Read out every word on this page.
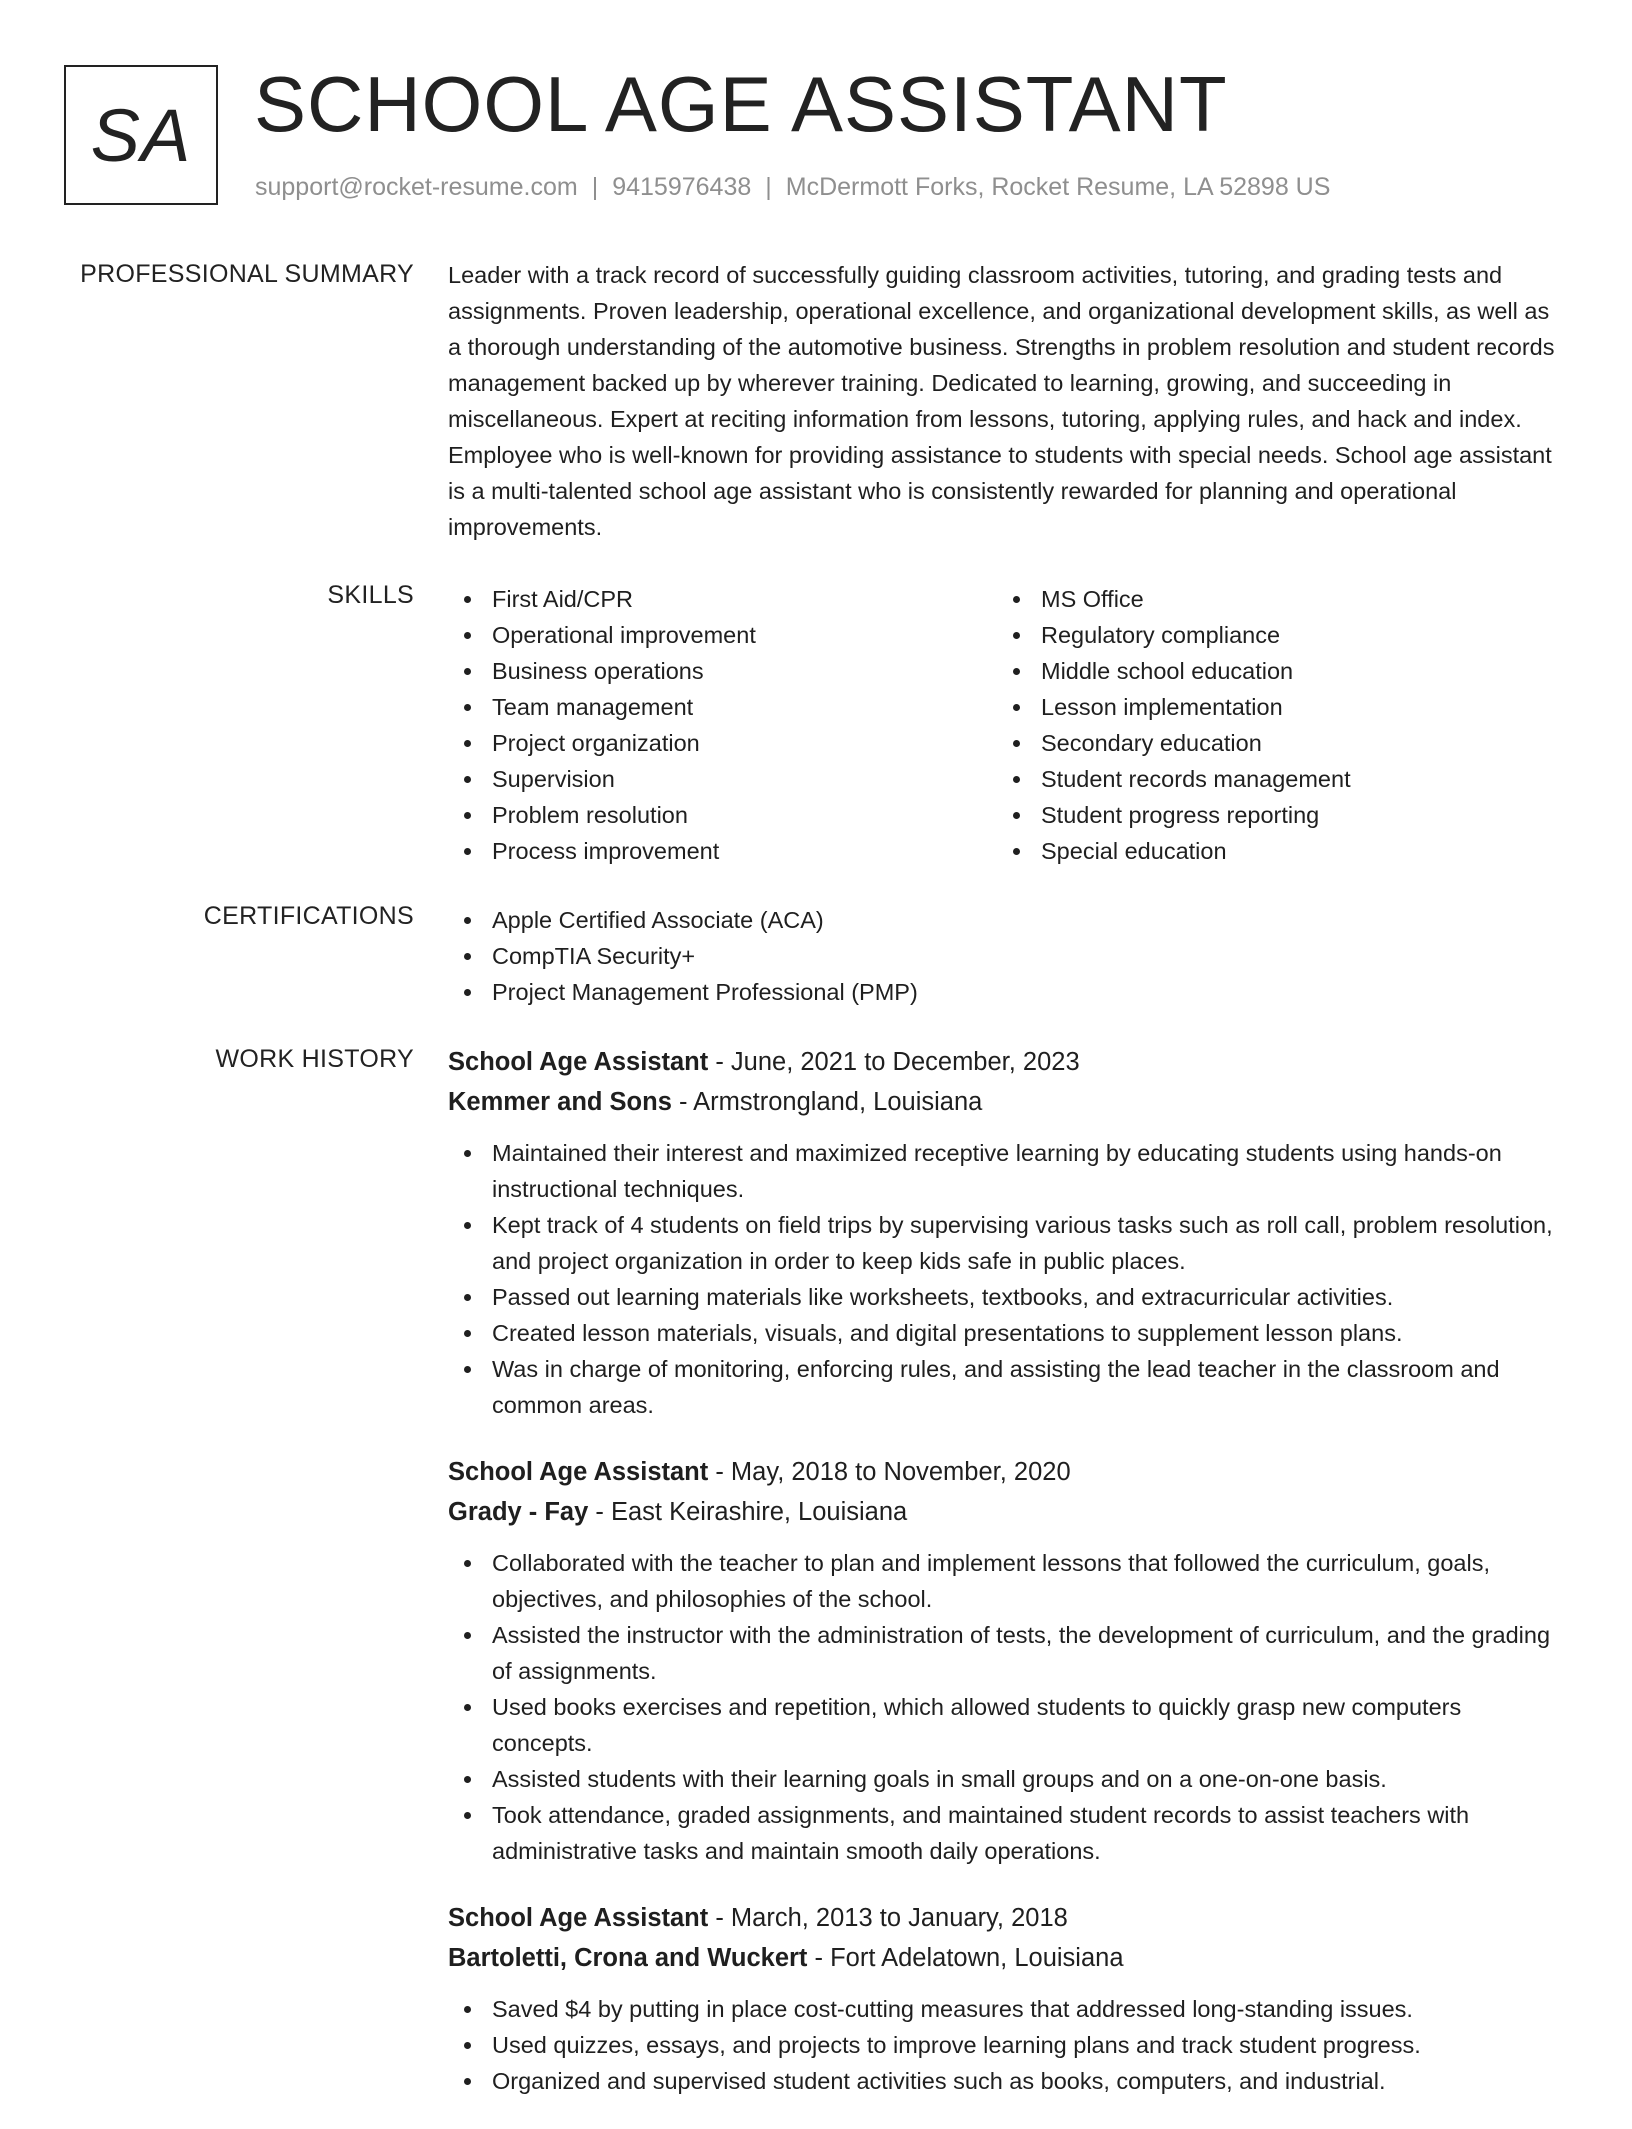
SA SCHOOL AGE ASSISTANT
support@rocket-resume.com | 9415976438 | McDermott Forks, Rocket Resume, LA 52898 US
PROFESSIONAL SUMMARY Leader with a track record of successfully guiding classroom activities, tutoring, and grading tests and assignments. Proven leadership, operational excellence, and organizational development skills, as well as a thorough understanding of the automotive business. Strengths in problem resolution and student records management backed up by wherever training. Dedicated to learning, growing, and succeeding in miscellaneous. Expert at reciting information from lessons, tutoring, applying rules, and hack and index. Employee who is well-known for providing assistance to students with special needs. School age assistant is a multi-talented school age assistant who is consistently rewarded for planning and operational improvements.

SKILLS	First Aid/CPR
Operational improvement
Business operations
Team management
Project organization
Supervision
Problem resolution
Process improvement
MS Office
Regulatory compliance
Middle school education
Lesson implementation
Secondary education
Student records management
Student progress reporting
Special education
CERTIFICATIONS	Apple Certified Associate (ACA)
CompTIA Security+
Project Management Professional (PMP)
WORK HISTORY School Age Assistant - June, 2021 to December, 2023
Kemmer and Sons - Armstrongland, Louisiana
Maintained their interest and maximized receptive learning by educating students using hands-on instructional techniques.
Kept track of 4 students on field trips by supervising various tasks such as roll call, problem resolution, and project organization in order to keep kids safe in public places.
Passed out learning materials like worksheets, textbooks, and extracurricular activities.
Created lesson materials, visuals, and digital presentations to supplement lesson plans.
Was in charge of monitoring, enforcing rules, and assisting the lead teacher in the classroom and common areas.
School Age Assistant - May, 2018 to November, 2020
Grady - Fay - East Keirashire, Louisiana
Collaborated with the teacher to plan and implement lessons that followed the curriculum, goals, objectives, and philosophies of the school.
Assisted the instructor with the administration of tests, the development of curriculum, and the grading of assignments.
Used books exercises and repetition, which allowed students to quickly grasp new computers concepts.
Assisted students with their learning goals in small groups and on a one-on-one basis.
Took attendance, graded assignments, and maintained student records to assist teachers with administrative tasks and maintain smooth daily operations.
School Age Assistant - March, 2013 to January, 2018
Bartoletti, Crona and Wuckert - Fort Adelatown, Louisiana
Saved $4 by putting in place cost-cutting measures that addressed long-standing issues.
Used quizzes, essays, and projects to improve learning plans and track student progress.
Organized and supervised student activities such as books, computers, and industrial.
